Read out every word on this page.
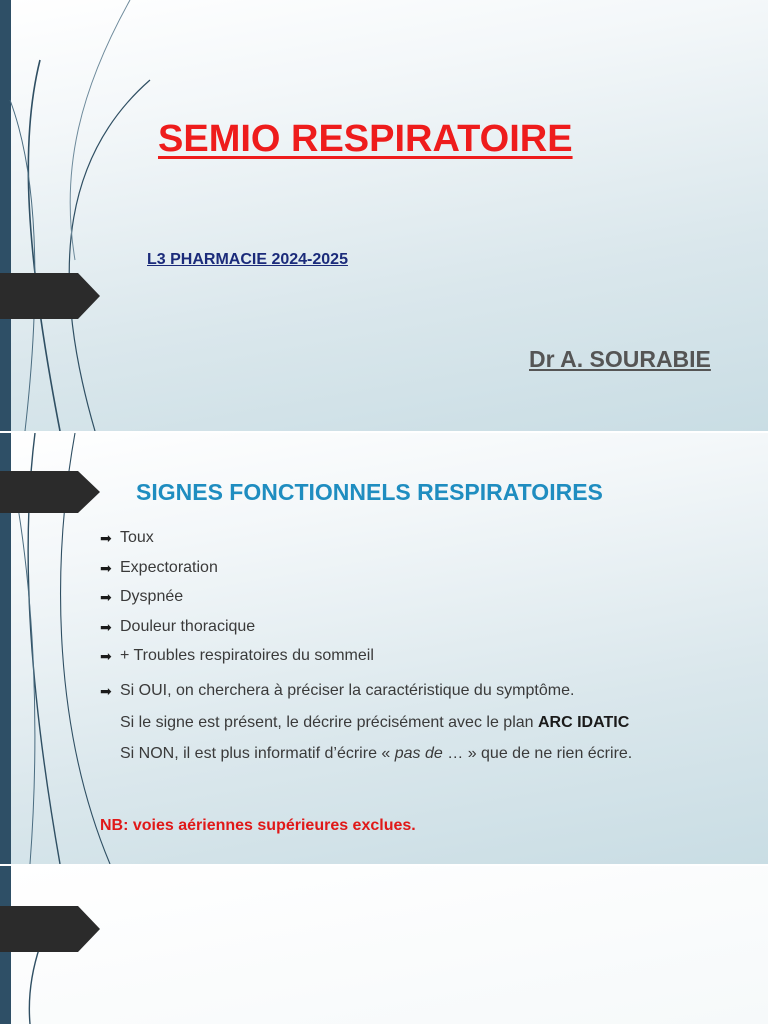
SEMIO RESPIRATOIRE

L3 PHARMACIE 2024-2025

Dr A. SOURABIE

SIGNES FONCTIONNELS RESPIRATOIRES
➡ Toux
➡ Expectoration
➡ Dyspnée
➡ Douleur thoracique
➡ + Troubles respiratoires du sommeil
➡ Si OUI, on cherchera à préciser la caractéristique du symptôme.
Si le signe est présent, le décrire précisément avec le plan ARC IDATIC
Si NON, il est plus informatif d’écrire « pas de … » que de ne rien écrire.

NB: voies aériennes supérieures exclues.
